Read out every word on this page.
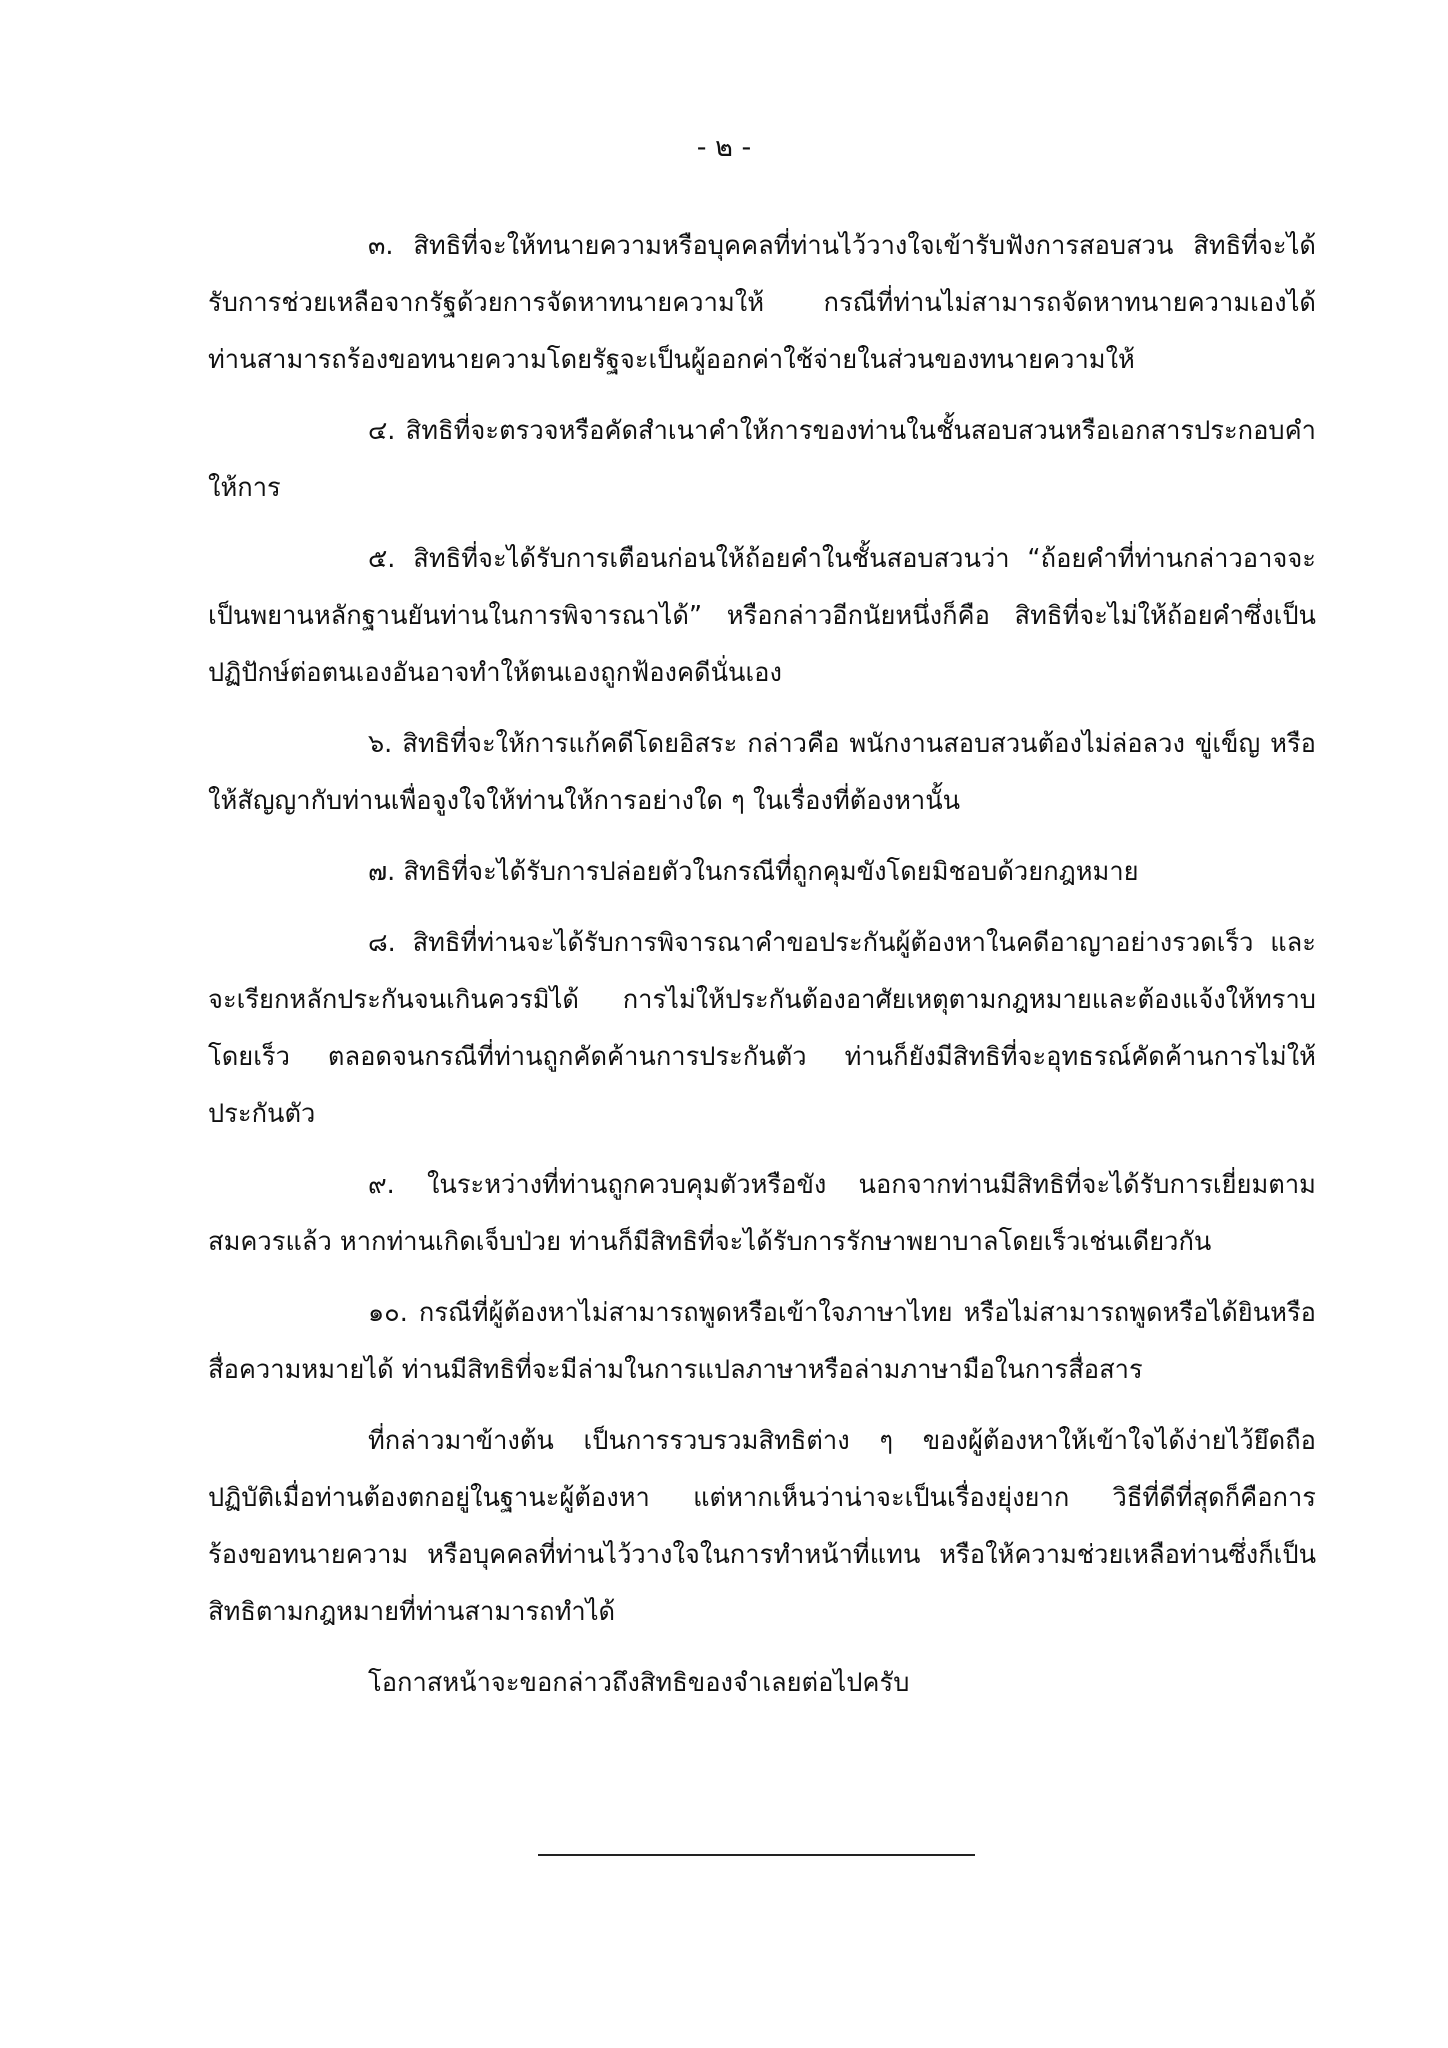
- ๒ -

๓. สิทธิที่จะให้ทนายความหรือบุคคลที่ท่านไว้วางใจเข้ารับฟังการสอบสวน สิทธิที่จะได้รับการช่วยเหลือจากรัฐด้วยการจัดหาทนายความให้ กรณีที่ท่านไม่สามารถจัดหาทนายความเองได้ ท่านสามารถร้องขอทนายความโดยรัฐจะเป็นผู้ออกค่าใช้จ่ายในส่วนของทนายความให้

๔. สิทธิที่จะตรวจหรือคัดสำเนาคำให้การของท่านในชั้นสอบสวนหรือเอกสารประกอบคำให้การ

๕. สิทธิที่จะได้รับการเตือนก่อนให้ถ้อยคำในชั้นสอบสวนว่า “ถ้อยคำที่ท่านกล่าวอาจจะเป็นพยานหลักฐานยันท่านในการพิจารณาได้” หรือกล่าวอีกนัยหนึ่งก็คือ สิทธิที่จะไม่ให้ถ้อยคำซึ่งเป็นปฏิปักษ์ต่อตนเองอันอาจทำให้ตนเองถูกฟ้องคดีนั่นเอง

๖. สิทธิที่จะให้การแก้คดีโดยอิสระ กล่าวคือ พนักงานสอบสวนต้องไม่ล่อลวง ขู่เข็ญ หรือให้สัญญากับท่านเพื่อจูงใจให้ท่านให้การอย่างใด ๆ ในเรื่องที่ต้องหานั้น

๗. สิทธิที่จะได้รับการปล่อยตัวในกรณีที่ถูกคุมขังโดยมิชอบด้วยกฎหมาย

๘. สิทธิที่ท่านจะได้รับการพิจารณาคำขอประกันผู้ต้องหาในคดีอาญาอย่างรวดเร็ว และจะเรียกหลักประกันจนเกินควรมิได้ การไม่ให้ประกันต้องอาศัยเหตุตามกฎหมายและต้องแจ้งให้ทราบโดยเร็ว ตลอดจนกรณีที่ท่านถูกคัดค้านการประกันตัว ท่านก็ยังมีสิทธิที่จะอุทธรณ์คัดค้านการไม่ให้ประกันตัว

๙. ในระหว่างที่ท่านถูกควบคุมตัวหรือขัง นอกจากท่านมีสิทธิที่จะได้รับการเยี่ยมตามสมควรแล้ว หากท่านเกิดเจ็บป่วย ท่านก็มีสิทธิที่จะได้รับการรักษาพยาบาลโดยเร็วเช่นเดียวกัน

๑๐. กรณีที่ผู้ต้องหาไม่สามารถพูดหรือเข้าใจภาษาไทย หรือไม่สามารถพูดหรือได้ยินหรือสื่อความหมายได้ ท่านมีสิทธิที่จะมีล่ามในการแปลภาษาหรือล่ามภาษามือในการสื่อสาร

ที่กล่าวมาข้างต้น เป็นการรวบรวมสิทธิต่าง ๆ ของผู้ต้องหาให้เข้าใจได้ง่ายไว้ยึดถือปฏิบัติเมื่อท่านต้องตกอยู่ในฐานะผู้ต้องหา แต่หากเห็นว่าน่าจะเป็นเรื่องยุ่งยาก วิธีที่ดีที่สุดก็คือการร้องขอทนายความ หรือบุคคลที่ท่านไว้วางใจในการทำหน้าที่แทน หรือให้ความช่วยเหลือท่านซึ่งก็เป็นสิทธิตามกฎหมายที่ท่านสามารถทำได้

โอกาสหน้าจะขอกล่าวถึงสิทธิของจำเลยต่อไปครับ
